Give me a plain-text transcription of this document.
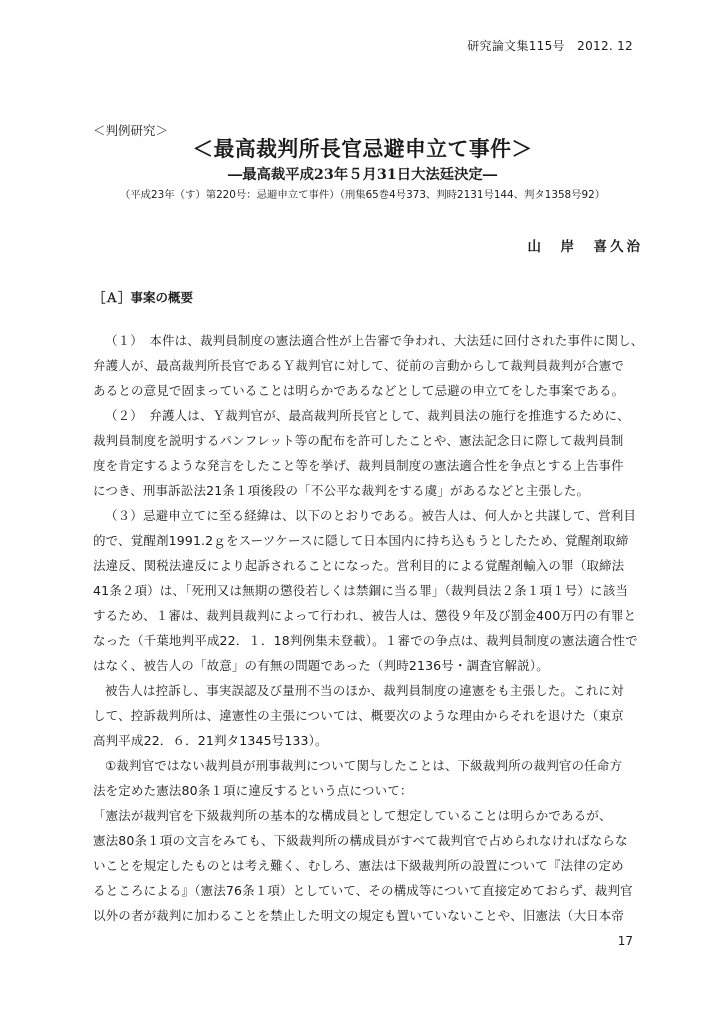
研究論文集115号　2012. 12
＜判例研究＞
＜最高裁判所長官忌避申立て事件＞
―最高裁平成23年５月31日大法廷決定―
（平成23年（す）第220号：忌避申立て事件）（刑集65巻4号373、判時2131号144、判タ1358号92）
山　岸　喜久治
［Ａ］事案の概要
（１）　本件は、裁判員制度の憲法適合性が上告審で争われ、大法廷に回付された事件に関し、
弁護人が、最高裁判所長官であるＹ裁判官に対して、従前の言動からして裁判員裁判が合憲で
あるとの意見で固まっていることは明らかであるなどとして忌避の申立てをした事案である。
（２）　弁護人は、Ｙ裁判官が、最高裁判所長官として、裁判員法の施行を推進するために、
裁判員制度を説明するパンフレット等の配布を許可したことや、憲法記念日に際して裁判員制
度を肯定するような発言をしたこと等を挙げ、裁判員制度の憲法適合性を争点とする上告事件
につき、刑事訴訟法21条１項後段の「不公平な裁判をする虞」があるなどと主張した。
（３）忌避申立てに至る経緯は、以下のとおりである。被告人は、何人かと共謀して、営利目
的で、覚醒剤1991.2ｇをスーツケースに隠して日本国内に持ち込もうとしたため、覚醒剤取締
法違反、関税法違反により起訴されることになった。営利目的による覚醒剤輸入の罪（取締法
41条２項）は、「死刑又は無期の懲役若しくは禁錮に当る罪」（裁判員法２条１項１号）に該当
するため、１審は、裁判員裁判によって行われ、被告人は、懲役９年及び罰金400万円の有罪と
なった（千葉地判平成22．１．18判例集未登載）。１審での争点は、裁判員制度の憲法適合性で
はなく、被告人の「故意」の有無の問題であった（判時2136号・調査官解説）。
被告人は控訴し、事実誤認及び量刑不当のほか、裁判員制度の違憲をも主張した。これに対
して、控訴裁判所は、違憲性の主張については、概要次のような理由からそれを退けた（東京
高判平成22．６．21判タ1345号133）。
①裁判官ではない裁判員が刑事裁判について関与したことは、下級裁判所の裁判官の任命方
法を定めた憲法80条１項に違反するという点について：
「憲法が裁判官を下級裁判所の基本的な構成員として想定していることは明らかであるが、
憲法80条１項の文言をみても、下級裁判所の構成員がすべて裁判官で占められなければならな
いことを規定したものとは考え難く、むしろ、憲法は下級裁判所の設置について『法律の定め
るところによる』（憲法76条１項）としていて、その構成等について直接定めておらず、裁判官
以外の者が裁判に加わることを禁止した明文の規定も置いていないことや、旧憲法（大日本帝
17
